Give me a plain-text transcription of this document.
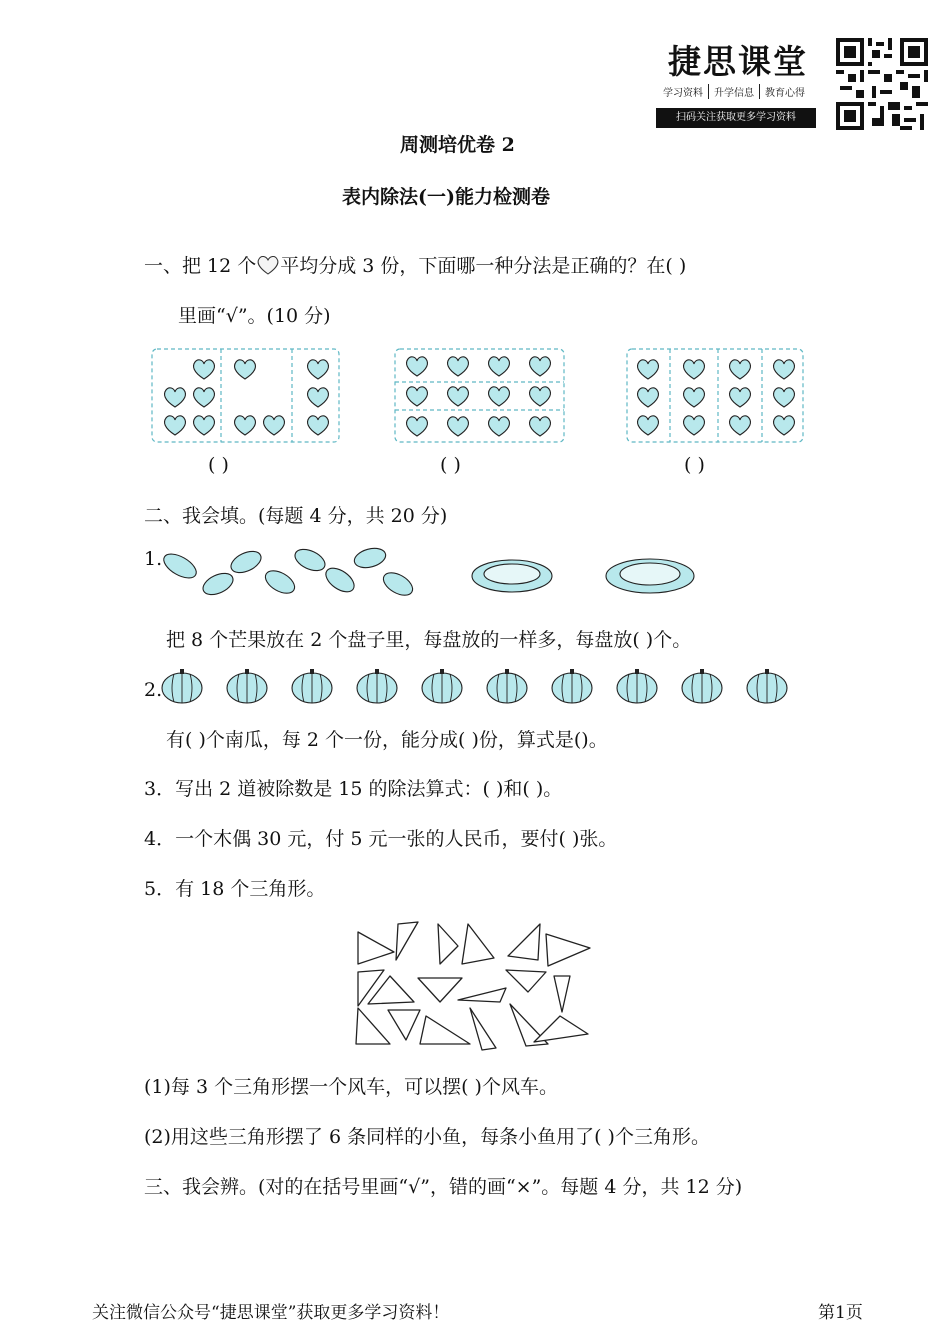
捷思课堂
学习资料	升学信息	教育心得
扫码关注获取更多学习资料
周测培优卷 2
表内除法(一)能力检测卷
一、把 12 个 平均分成 3 份，下面哪一种分法是正确的？在( )
里画“√”。(10 分)
( )	( )	( )
二、我会填。(每题 4 分，共 20 分)
1.
把 8 个芒果放在 2 个盘子里，每盘放的一样多，每盘放( )个。
2.
有( )个南瓜，每 2 个一份，能分成( )份，算式是()。
3．写出 2 道被除数是 15 的除法算式：( )和( )。
4．一个木偶 30 元，付 5 元一张的人民币，要付( )张。
5．有 18 个三角形。
(1)每 3 个三角形摆一个风车，可以摆( )个风车。
(2)用这些三角形摆了 6 条同样的小鱼，每条小鱼用了( )个三角形。
三、我会辨。(对的在括号里画“√”，错的画“×”。每题 4 分，共 12 分)
关注微信公众号“捷思课堂”获取更多学习资料！	第1页
